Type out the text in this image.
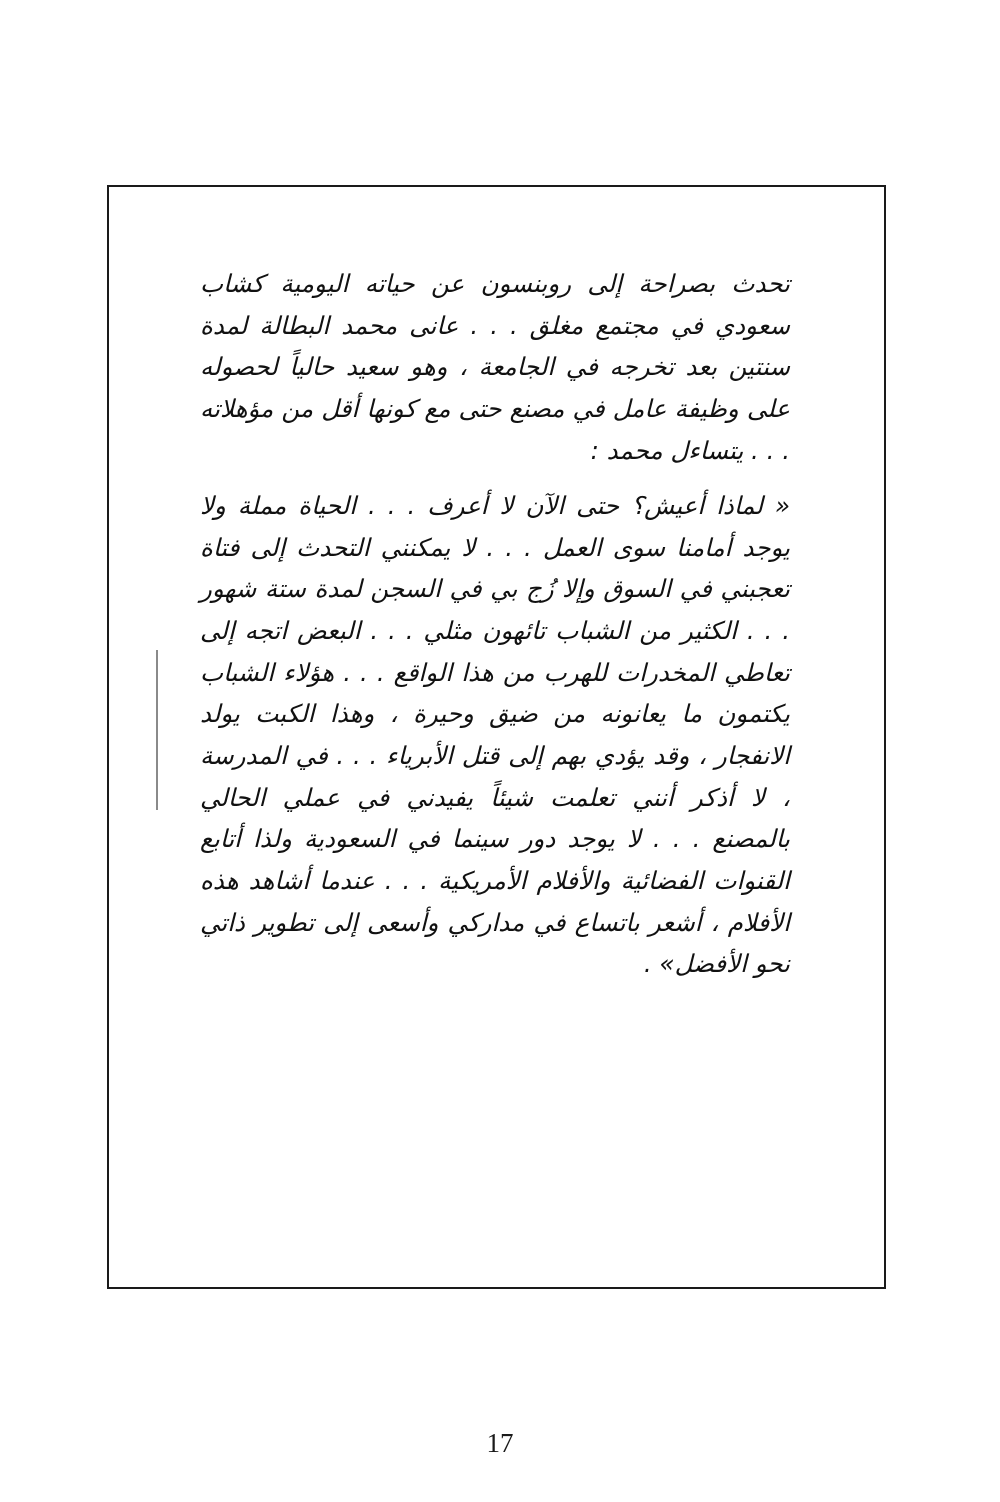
تحدث بصراحة إلى روبنسون عن حياته اليومية كشاب سعودي في مجتمع مغلق . . . عانى محمد البطالة لمدة سنتين بعد تخرجه في الجامعة ، وهو سعيد حالياً لحصوله على وظيفة عامل في مصنع حتى مع كونها أقل من مؤهلاته . . . يتساءل محمد :

« لماذا أعيش؟ حتى الآن لا أعرف . . . الحياة مملة ولا يوجد أمامنا سوى العمل . . . لا يمكنني التحدث إلى فتاة تعجبني في السوق وإلا زُج بي في السجن لمدة ستة شهور . . . الكثير من الشباب تائهون مثلي . . . البعض اتجه إلى تعاطي المخدرات للهرب من هذا الواقع . . . هؤلاء الشباب يكتمون ما يعانونه من ضيق وحيرة ، وهذا الكبت يولد الانفجار ، وقد يؤدي بهم إلى قتل الأبرياء . . . في المدرسة ، لا أذكر أنني تعلمت شيئاً يفيدني في عملي الحالي بالمصنع . . . لا يوجد دور سينما في السعودية ولذا أتابع القنوات الفضائية والأفلام الأمريكية . . . عندما أشاهد هذه الأفلام ، أشعر باتساع في مداركي وأسعى إلى تطوير ذاتي نحو الأفضل» .

17
